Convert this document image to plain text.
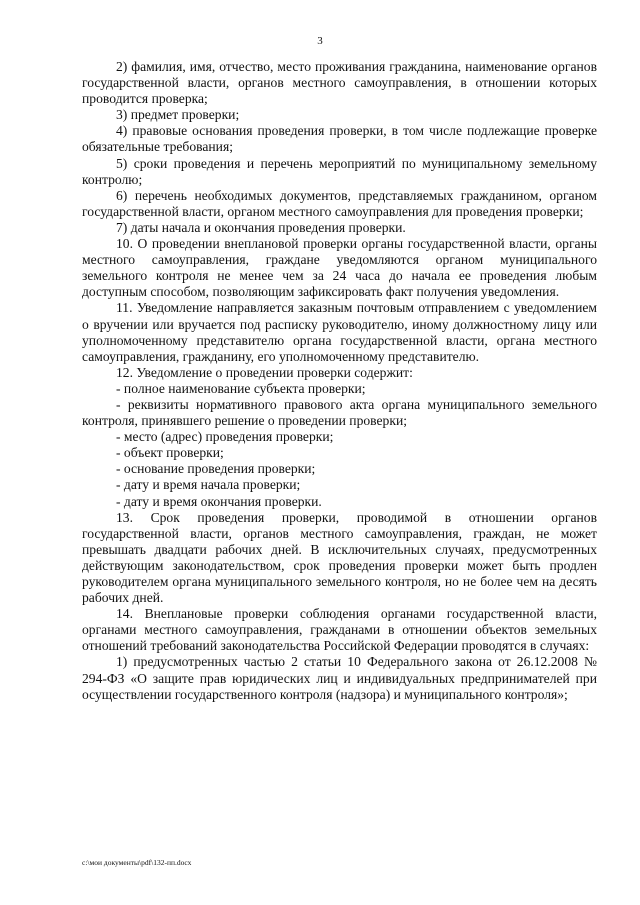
3

2) фамилия, имя, отчество, место проживания гражданина, наименование органов государственной власти, органов местного самоуправления, в отношении которых проводится проверка;

3) предмет проверки;

4) правовые основания проведения проверки, в том числе подлежащие проверке обязательные требования;

5) сроки проведения и перечень мероприятий по муниципальному земельному контролю;

6) перечень необходимых документов, представляемых гражданином, органом государственной власти, органом местного самоуправления для проведения проверки;

7) даты начала и окончания проведения проверки.

10. О проведении внеплановой проверки органы государственной власти, органы местного самоуправления, граждане уведомляются органом муниципального земельного контроля не менее чем за 24 часа до начала ее проведения любым доступным способом, позволяющим зафиксировать факт получения уведомления.

11. Уведомление направляется заказным почтовым отправлением с уведомлением о вручении или вручается под расписку руководителю, иному должностному лицу или уполномоченному представителю органа государственной власти, органа местного самоуправления, гражданину, его уполномоченному представителю.

12. Уведомление о проведении проверки содержит:

- полное наименование субъекта проверки;

- реквизиты нормативного правового акта органа муниципального земельного контроля, принявшего решение о проведении проверки;

- место (адрес) проведения проверки;

- объект проверки;

- основание проведения проверки;

- дату и время начала проверки;

- дату и время окончания проверки.

13. Срок проведения проверки, проводимой в отношении органов государственной власти, органов местного самоуправления, граждан, не может превышать двадцати рабочих дней. В исключительных случаях, предусмотренных действующим законодательством, срок проведения проверки может быть продлен руководителем органа муниципального земельного контроля, но не более чем на десять рабочих дней.

14. Внеплановые проверки соблюдения органами государственной власти, органами местного самоуправления, гражданами в отношении объектов земельных отношений требований законодательства Российской Федерации проводятся в случаях:

1) предусмотренных частью 2 статьи 10 Федерального закона от 26.12.2008 № 294-ФЗ «О защите прав юридических лиц и индивидуальных предпринимателей при осуществлении государственного контроля (надзора) и муниципального контроля»;

c:\мои документы\pdf\132-пп.docx
